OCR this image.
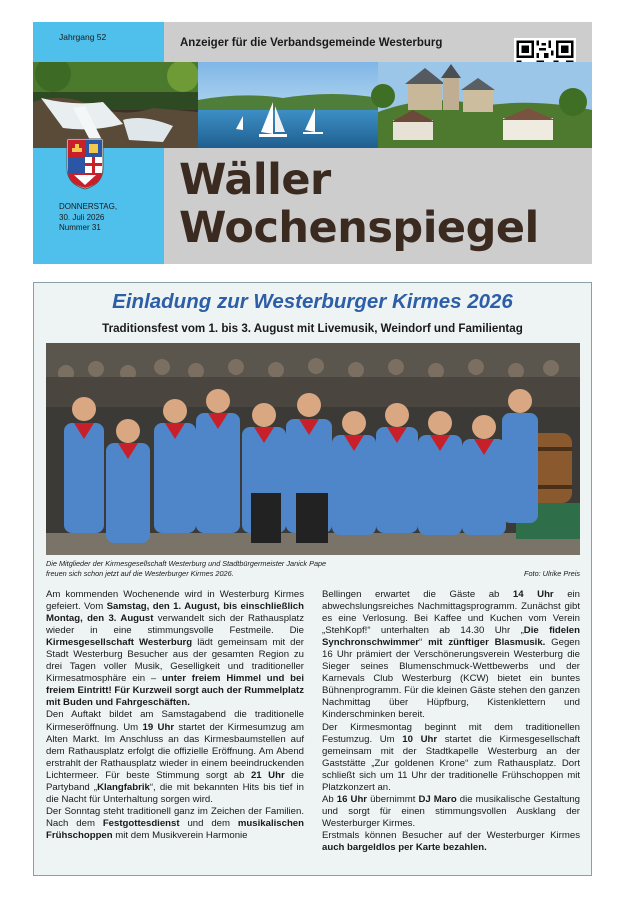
Jahrgang 52	Anzeiger für die Verbandsgemeinde Westerburg
DONNERSTAG,
30. Juli 2026
Nummer 31
Wäller
Wochenspiegel
Einladung zur Westerburger Kirmes 2026
Traditionsfest vom 1. bis 3. August mit Livemusik, Weindorf und Familientag
Die Mitglieder der Kirmesgesellschaft Westerburg und Stadtbürgermeister Janick Pape
freuen sich schon jetzt auf die Westerburger Kirmes 2026.	Foto: Ulrike Preis

Am kommenden Wochenende wird in Westerburg Kirmes gefeiert. Vom Samstag, den 1. August, bis einschließlich Montag, den 3. August verwandelt sich der Rathausplatz wieder in eine stimmungsvolle Festmeile. Die Kirmesgesellschaft Westerburg lädt gemeinsam mit der Stadt Westerburg Besucher aus der gesamten Region zu drei Tagen voller Musik, Geselligkeit und traditioneller Kirmesatmosphäre ein – unter freiem Himmel und bei freiem Eintritt! Für Kurzweil sorgt auch der Rummelplatz mit Buden und Fahrgeschäften.

Den Auftakt bildet am Samstagabend die traditionelle Kirmeseröffnung. Um 19 Uhr startet der Kirmesumzug am Alten Markt. Im Anschluss an das Kirmesbaumstellen auf dem Rathausplatz erfolgt die offizielle Eröffnung. Am Abend erstrahlt der Rathausplatz wieder in einem beeindruckenden Lichtermeer. Für beste Stimmung sorgt ab 21 Uhr die Partyband „Klangfabrik“, die mit bekannten Hits bis tief in die Nacht für Unterhaltung sorgen wird.

Der Sonntag steht traditionell ganz im Zeichen der Familien. Nach dem Festgottesdienst und dem musikalischen Frühschoppen mit dem Musikverein Harmonie

Bellingen erwartet die Gäste ab 14 Uhr ein abwechslungsreiches Nachmittagsprogramm. Zunächst gibt es eine Verlosung. Bei Kaffee und Kuchen vom Verein „StehKopf!“ unterhalten ab 14.30 Uhr „Die fidelen Synchronschwimmer“ mit zünftiger Blasmusik. Gegen 16 Uhr prämiert der Verschönerungsverein Westerburg die Sieger seines Blumenschmuck-Wettbewerbs und der Karnevals Club Westerburg (KCW) bietet ein buntes Bühnenprogramm. Für die kleinen Gäste stehen den ganzen Nachmittag über Hüpfburg, Kistenklettern und Kinderschminken bereit.

Der Kirmesmontag beginnt mit dem traditionellen Festumzug. Um 10 Uhr startet die Kirmesgesellschaft gemeinsam mit der Stadtkapelle Westerburg an der Gaststätte „Zur goldenen Krone“ zum Rathausplatz. Dort schließt sich um 11 Uhr der traditionelle Frühschoppen mit Platzkonzert an.

Ab 16 Uhr übernimmt DJ Maro die musikalische Gestaltung und sorgt für einen stimmungsvollen Ausklang der Westerburger Kirmes.

Erstmals können Besucher auf der Westerburger Kirmes auch bargeldlos per Karte bezahlen.
